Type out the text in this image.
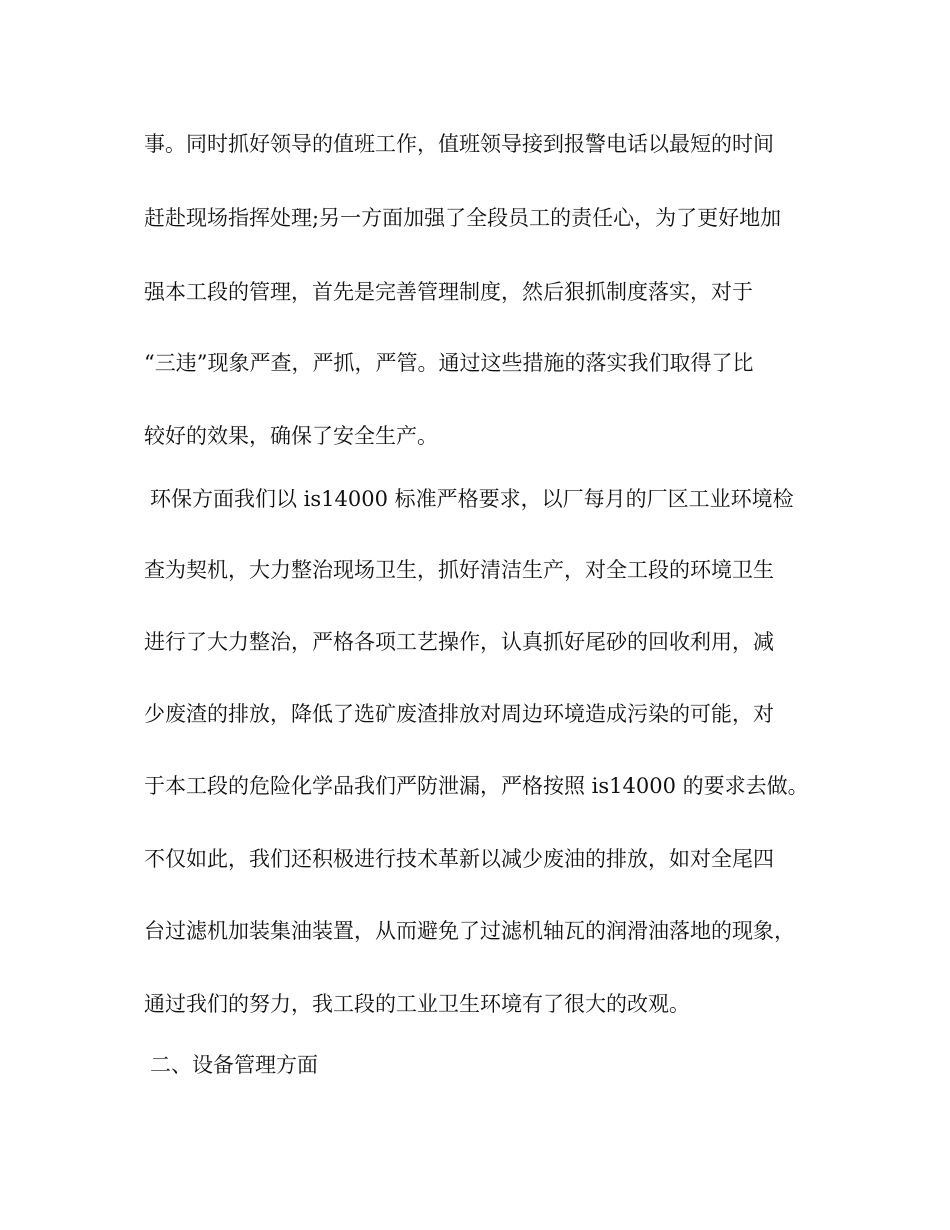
事。同时抓好领导的值班工作，值班领导接到报警电话以最短的时间
赶赴现场指挥处理;另一方面加强了全段员工的责任心，为了更好地加
强本工段的管理，首先是完善管理制度，然后狠抓制度落实，对于
“三违”现象严查，严抓，严管。通过这些措施的落实我们取得了比
较好的效果，确保了安全生产。
环保方面我们以 is14000 标准严格要求，以厂每月的厂区工业环境检
查为契机，大力整治现场卫生，抓好清洁生产，对全工段的环境卫生
进行了大力整治，严格各项工艺操作，认真抓好尾砂的回收利用，减
少废渣的排放，降低了选矿废渣排放对周边环境造成污染的可能，对
于本工段的危险化学品我们严防泄漏，严格按照 is14000 的要求去做。
不仅如此，我们还积极进行技术革新以减少废油的排放，如对全尾四
台过滤机加装集油装置，从而避免了过滤机轴瓦的润滑油落地的现象，
通过我们的努力，我工段的工业卫生环境有了很大的改观。
二、设备管理方面
